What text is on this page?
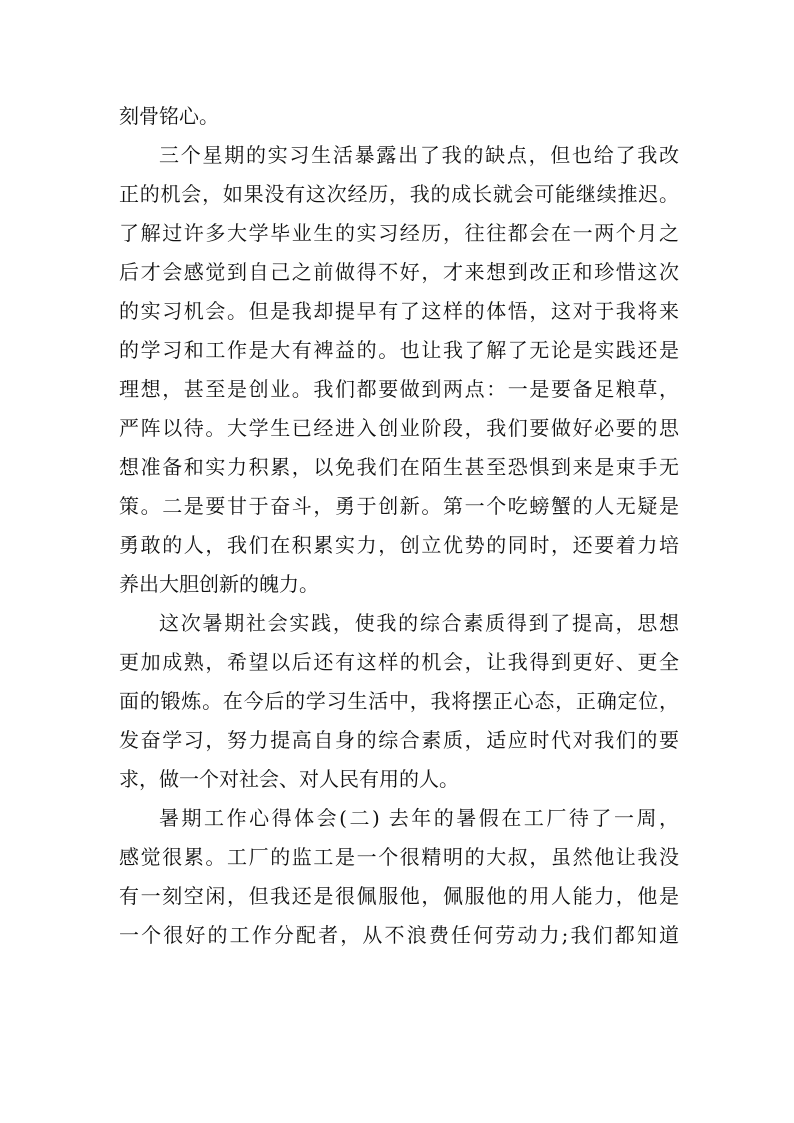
刻骨铭心。
三个星期的实习生活暴露出了我的缺点，但也给了我改
正的机会，如果没有这次经历，我的成长就会可能继续推迟。
了解过许多大学毕业生的实习经历，往往都会在一两个月之
后才会感觉到自己之前做得不好，才来想到改正和珍惜这次
的实习机会。但是我却提早有了这样的体悟，这对于我将来
的学习和工作是大有裨益的。也让我了解了无论是实践还是
理想，甚至是创业。我们都要做到两点：一是要备足粮草，
严阵以待。大学生已经进入创业阶段，我们要做好必要的思
想准备和实力积累，以免我们在陌生甚至恐惧到来是束手无
策。二是要甘于奋斗，勇于创新。第一个吃螃蟹的人无疑是
勇敢的人，我们在积累实力，创立优势的同时，还要着力培
养出大胆创新的魄力。
这次暑期社会实践，使我的综合素质得到了提高，思想
更加成熟，希望以后还有这样的机会，让我得到更好、更全
面的锻炼。在今后的学习生活中，我将摆正心态，正确定位，
发奋学习，努力提高自身的综合素质，适应时代对我们的要
求，做一个对社会、对人民有用的人。
暑期工作心得体会(二) 去年的暑假在工厂待了一周，
感觉很累。工厂的监工是一个很精明的大叔，虽然他让我没
有一刻空闲，但我还是很佩服他，佩服他的用人能力，他是
一个很好的工作分配者，从不浪费任何劳动力;我们都知道
